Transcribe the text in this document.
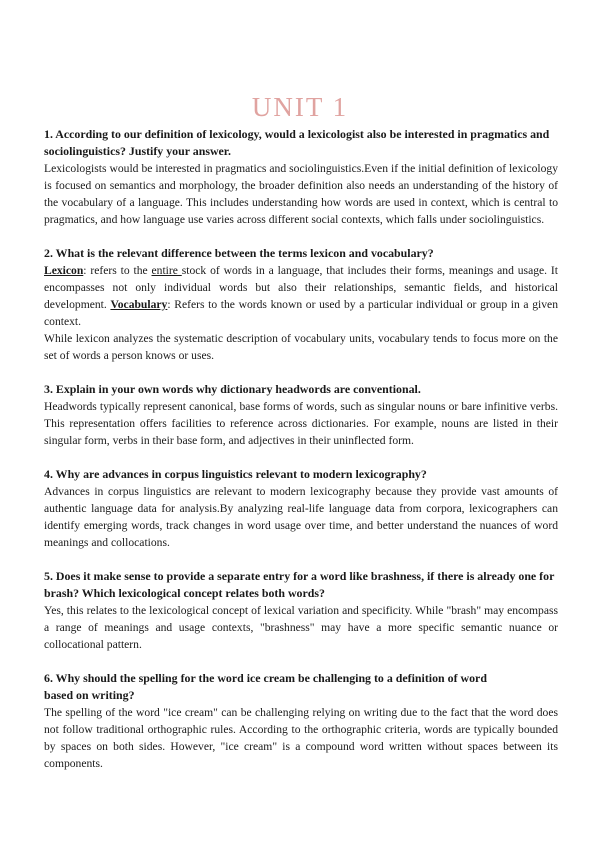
UNIT 1

1. According to our definition of lexicology, would a lexicologist also be interested in pragmatics and sociolinguistics? Justify your answer.

Lexicologists would be interested in pragmatics and sociolinguistics.Even if the initial definition of lexicology is focused on semantics and morphology, the broader definition also needs an understanding of the history of the vocabulary of a language. This includes understanding how words are used in context, which is central to pragmatics, and how language use varies across different social contexts, which falls under sociolinguistics.

2. What is the relevant difference between the terms lexicon and vocabulary?

Lexicon: refers to the entire stock of words in a language, that includes their forms, meanings and usage. It encompasses not only individual words but also their relationships, semantic fields, and historical development. Vocabulary: Refers to the words known or used by a particular individual or group in a given context.

While lexicon analyzes the systematic description of vocabulary units, vocabulary tends to focus more on the set of words a person knows or uses.

3. Explain in your own words why dictionary headwords are conventional.

Headwords typically represent canonical, base forms of words, such as singular nouns or bare infinitive verbs. This representation offers facilities to reference across dictionaries. For example, nouns are listed in their singular form, verbs in their base form, and adjectives in their uninflected form.

4. Why are advances in corpus linguistics relevant to modern lexicography?

Advances in corpus linguistics are relevant to modern lexicography because they provide vast amounts of authentic language data for analysis.By analyzing real-life language data from corpora, lexicographers can identify emerging words, track changes in word usage over time, and better understand the nuances of word meanings and collocations.

5. Does it make sense to provide a separate entry for a word like brashness, if there is already one for brash? Which lexicological concept relates both words?

Yes, this relates to the lexicological concept of lexical variation and specificity. While "brash" may encompass a range of meanings and usage contexts, "brashness" may have a more specific semantic nuance or collocational pattern.

6. Why should the spelling for the word ice cream be challenging to a definition of word

based on writing?

The spelling of the word "ice cream" can be challenging relying on writing due to the fact that the word does not follow traditional orthographic rules. According to the orthographic criteria, words are typically bounded by spaces on both sides. However, "ice cream" is a compound word written without spaces between its components.
